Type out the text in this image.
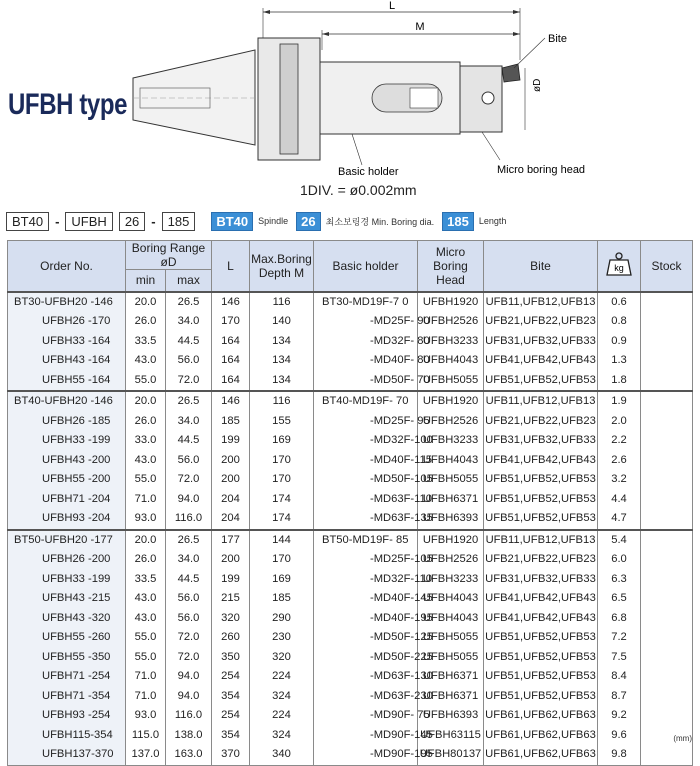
L
M
øD
Bite
Basic holder	Micro boring head
UFBH type
1DIV. = ø0.002mm
BT40 - UFBH	26 - 185	BT40	Spindle	26	최소보링경 Min. Boring dia.	185	Length
Order No.	Boring Range øD		L	Max.Boring
Depth M	Basic holder	Micro Boring
Head	Bite	kg	Stock
	min	max							
BT30-UFBH20 -146	20.0	26.5	146	116	BT30-MD19F-7 0	UFBH1920	UFB11,UFB12,UFB13	0.6	
UFBH26 -170	26.0	34.0	170	140	-MD25F- 90	UFBH2526	UFB21,UFB22,UFB23	0.8	
UFBH33 -164	33.5	44.5	164	134	-MD32F- 80	UFBH3233	UFB31,UFB32,UFB33	0.9	
UFBH43 -164	43.0	56.0	164	134	-MD40F- 80	UFBH4043	UFB41,UFB42,UFB43	1.3	
UFBH55 -164	55.0	72.0	164	134	-MD50F- 70	UFBH5055	UFB51,UFB52,UFB53	1.8	
BT40-UFBH20 -146	20.0	26.5	146	116	BT40-MD19F- 70	UFBH1920	UFB11,UFB12,UFB13	1.9	
UFBH26 -185	26.0	34.0	185	155	-MD25F- 95	UFBH2526	UFB21,UFB22,UFB23	2.0	
UFBH33 -199	33.0	44.5	199	169	-MD32F-100	UFBH3233	UFB31,UFB32,UFB33	2.2	
UFBH43 -200	43.0	56.0	200	170	-MD40F-115	UFBH4043	UFB41,UFB42,UFB43	2.6	
UFBH55 -200	55.0	72.0	200	170	-MD50F-105	UFBH5055	UFB51,UFB52,UFB53	3.2	
UFBH71 -204	71.0	94.0	204	174	-MD63F-110	UFBH6371	UFB51,UFB52,UFB53	4.4	
UFBH93 -204	93.0	116.0	204	174	-MD63F-135	UFBH6393	UFB51,UFB52,UFB53	4.7	
BT50-UFBH20 -177	20.0	26.5	177	144	BT50-MD19F- 85	UFBH1920	UFB11,UFB12,UFB13	5.4	
UFBH26 -200	26.0	34.0	200	170	-MD25F-105	UFBH2526	UFB21,UFB22,UFB23	6.0	
UFBH33 -199	33.5	44.5	199	169	-MD32F-110	UFBH3233	UFB31,UFB32,UFB33	6.3	
UFBH43 -215	43.0	56.0	215	185	-MD40F-145	UFBH4043	UFB41,UFB42,UFB43	6.5	
UFBH43 -320	43.0	56.0	320	290	-MD40F-195	UFBH4043	UFB41,UFB42,UFB43	6.8	
UFBH55 -260	55.0	72.0	260	230	-MD50F-125	UFBH5055	UFB51,UFB52,UFB53	7.2	
UFBH55 -350	55.0	72.0	350	320	-MD50F-225	UFBH5055	UFB51,UFB52,UFB53	7.5	
UFBH71 -254	71.0	94.0	254	224	-MD63F-130	UFBH6371	UFB51,UFB52,UFB53	8.4	
UFBH71 -354	71.0	94.0	354	324	-MD63F-230	UFBH6371	UFB51,UFB52,UFB53	8.7	
UFBH93 -254	93.0	116.0	254	224	-MD90F- 75	UFBH6393	UFB61,UFB62,UFB63	9.2	
UFBH115-354	115.0	138.0	354	324	-MD90F-145	UFBH63115	UFB61,UFB62,UFB63	9.6	
UFBH137-370	137.0	163.0	370	340	-MD90F-195	UFBH80137	UFB61,UFB62,UFB63	9.8	
(mm)
